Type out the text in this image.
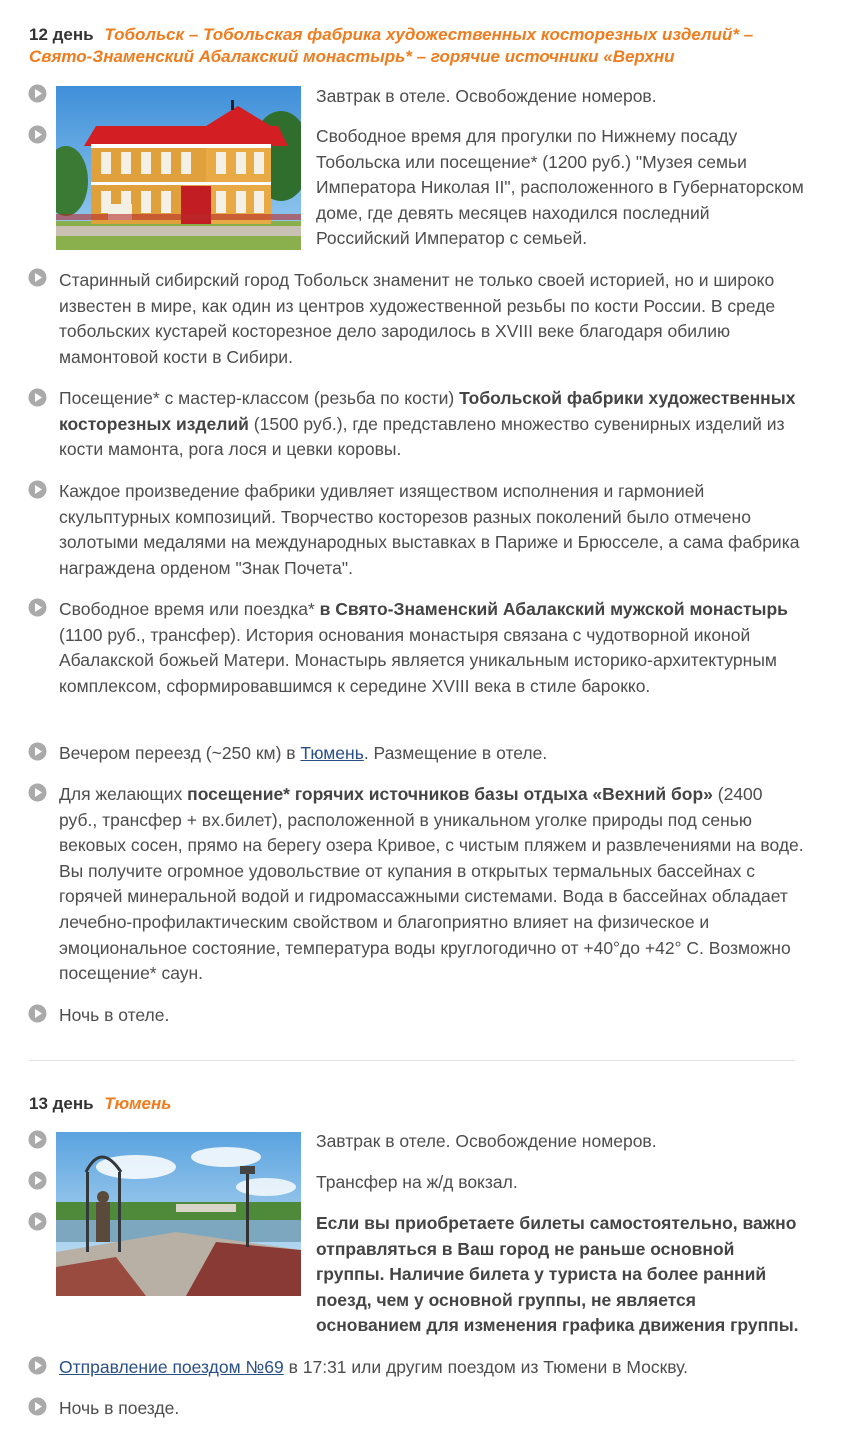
12 день Тобольск – Тобольская фабрика художественных косторезных изделий* –
Свято-Знаменский Абалакский монастырь* – горячие источники «Верхни

Завтрак в отеле. Освобождение номеров.

Свободное время для прогулки по Нижнему посаду Тобольска или посещение* (1200 руб.) "Музея семьи Императора Николая II", расположенного в Губернаторском доме, где девять месяцев находился последний Российский Император с семьей.

Старинный сибирский город Тобольск знаменит не только своей историей, но и широко известен в мире, как один из центров художественной резьбы по кости России. В среде тобольских кустарей косторезное дело зародилось в XVIII веке благодаря обилию мамонтовой кости в Сибири.

Посещение* с мастер-классом (резьба по кости) Тобольской фабрики художественных косторезных изделий (1500 руб.), где представлено множество сувенирных изделий из кости мамонта, рога лося и цевки коровы.

Каждое произведение фабрики удивляет изяществом исполнения и гармонией скульптурных композиций. Творчество косторезов разных поколений было отмечено золотыми медалями на международных выставках в Париже и Брюсселе, а сама фабрика награждена орденом "Знак Почета".

Свободное время или поездка* в Свято-Знаменский Абалакский мужской монастырь (1100 руб., трансфер). История основания монастыря связана с чудотворной иконой Абалакской божьей Матери. Монастырь является уникальным историко-архитектурным комплексом, сформировавшимся к середине XVIII века в стиле барокко.

Вечером переезд (~250 км) в Тюмень. Размещение в отеле.

Для желающих посещение* горячих источников базы отдыха «Вехний бор» (2400 руб., трансфер + вх.билет), расположенной в уникальном уголке природы под сенью вековых сосен, прямо на берегу озера Кривое, с чистым пляжем и развлечениями на воде. Вы получите огромное удовольствие от купания в открытых термальных бассейнах с горячей минеральной водой и гидромассажными системами. Вода в бассейнах обладает лечебно-профилактическим свойством и благоприятно влияет на физическое и эмоциональное состояние, температура воды круглогодично от +40°до +42° С. Возможно посещение* саун.

Ночь в отеле.

13 день Тюмень

Завтрак в отеле. Освобождение номеров.

Трансфер на ж/д вокзал.

Если вы приобретаете билеты самостоятельно, важно отправляться в Ваш город не раньше основной группы. Наличие билета у туриста на более ранний поезд, чем у основной группы, не является основанием для изменения графика движения группы.

Отправление поездом №69 в 17:31 или другим поездом из Тюмени в Москву.

Ночь в поезде.
